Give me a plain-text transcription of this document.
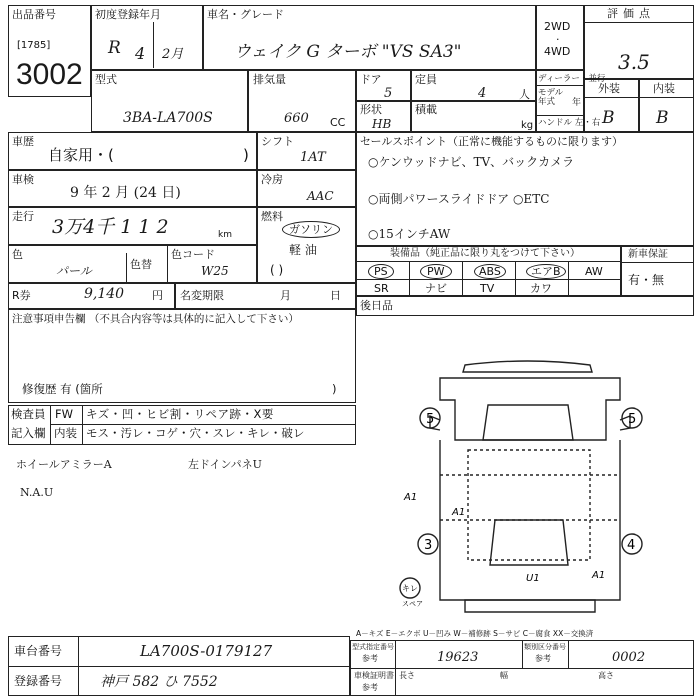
出品番号
[1785]
3002
初度登録年月
R 4 2月
車名・グレード
ウェイク G ターボ "VS SA3"
2WD
·
4WD
評価点
3.5
型式
3BA-LA700S
排気量
660 CC
ドア
5
定員
4	人
形状
HB
積載
kg
ディーラー・並行
モデル年式	年
ハンドル 左・右
外装
B
内装
B
車歴
自家用・(	)
シフト
1AT
車検
9 年 2 月 (24 日)
冷房
AAC
走行 3万4千 1 1 2	km
燃料
ガソリン
軽 油
( )
色
パール	色替
色コード
W25
R券	9,140	円 名変期限	月	日
注意事項申告欄 （不具合内容等は具体的に記入して下さい）
修復歴 有 (箇所	)
セールスポイント（正常に機能するものに限ります）
○ケンウッドナビ、TV、バックカメラ
○両側パワースライドドア ○ETC
○15インチAW
装備品（純正品に限り丸をつけて下さい）
PS	PW	ABS	エアB	AW
SR	ナビ	TV	カワ
新車保証
有・無
後日品
検査員
記入欄
FW キズ・凹・ヒビ割・リペア跡・X要
内装 モス・汚レ・コゲ・穴・スレ・キレ・破レ
ホイールアミラーA	左ドインパネU
N.A.U
5	5
3	4
A1
A1
U1	A1
キレ
スペア
A－キズ E－エクボ U－凹み W－補修跡 S－サビ C－腐食 XX－交換済
車台番号	LA700S-0179127
登録番号	神戸 582 ひ 7552
型式指定番号
参考	19623
類別区分番号
参考	0002
車検証明書
参考
長さ	幅	高さ
